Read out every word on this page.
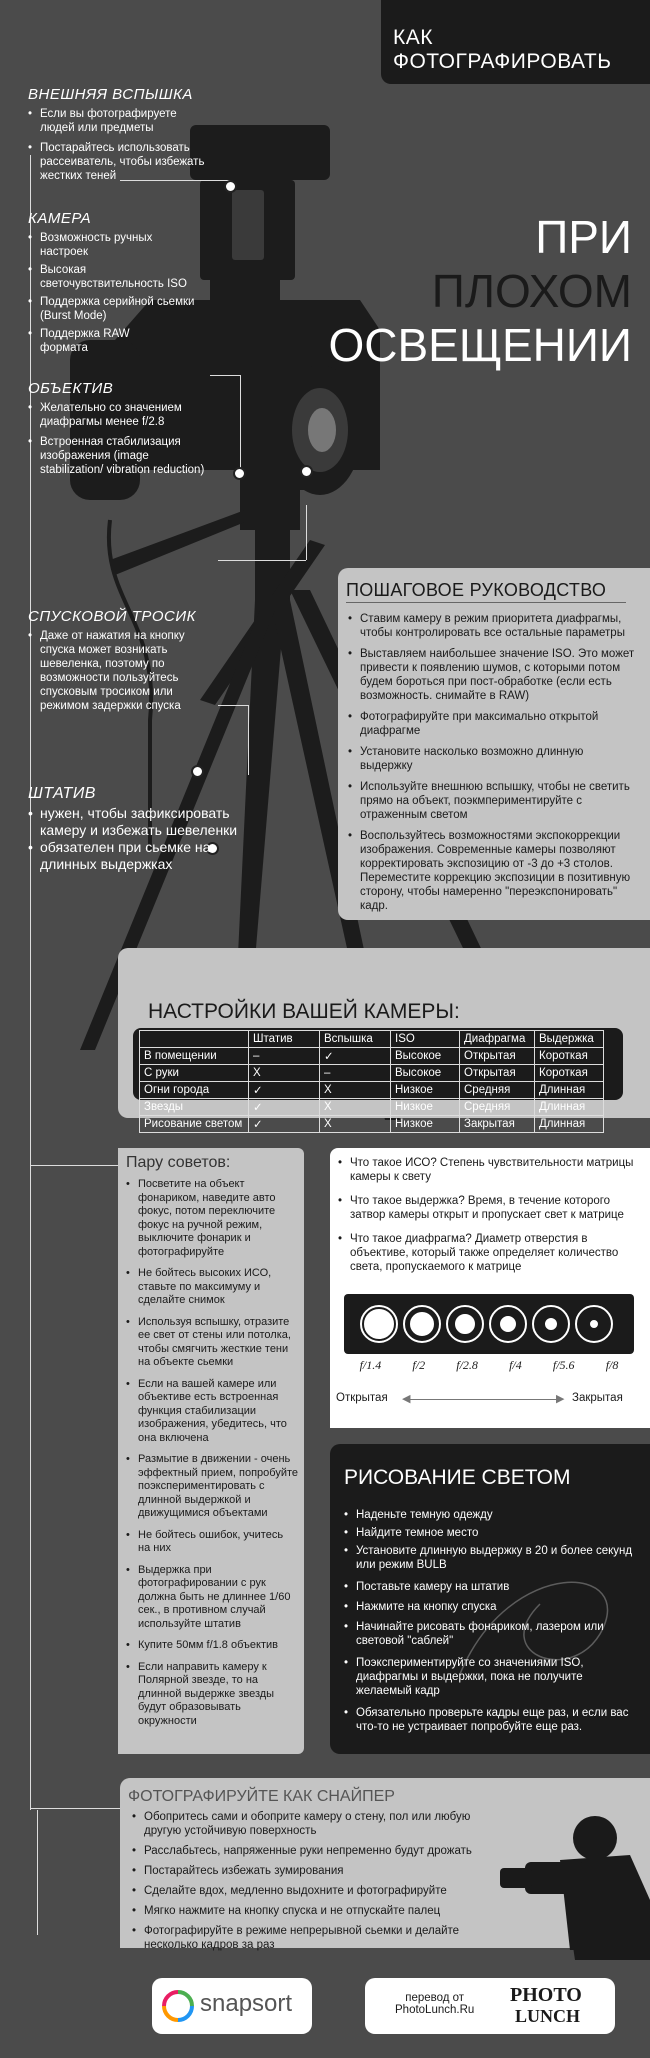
КАК
ФОТОГРАФИРОВАТЬ
ПРИ
ПЛОХОМ
ОСВЕЩЕНИИ
ВНЕШНЯЯ ВСПЫШКА
• Если вы фотографируете людей или предметы
• Постарайтесь использовать рассеиватель, чтобы избежать жестких теней
КАМЕРА
• Возможность ручных настроек
• Высокая светочувствительность ISO
• Поддержка серийной сьемки (Burst Mode)
• Поддержка RAW формата
ОБЪЕКТИВ
• Желательно со значением диафрагмы менее f/2.8
• Встроенная стабилизация изображения (image stabilization/ vibration reduction)
СПУСКОВОЙ ТРОСИК
• Даже от нажатия на кнопку спуска может возникать шевеленка, поэтому по возможности пользуйтесь спусковым тросиком или режимом задержки спуска
ШТАТИВ
• нужен, чтобы зафиксировать камеру и избежать шевеленки
• обязателен при сьемке на длинных выдержках
ПОШАГОВОЕ РУКОВОДСТВО
• Ставим камеру в режим приоритета диафрагмы, чтобы контролировать все остальные параметры
• Выставляем наибольшее значение ISO. Это может привести к появлению шумов, с которыми потом будем бороться при пост-обработке (если есть возможность. снимайте в RAW)
• Фотографируйте при максимально открытой диафрагме
• Установите насколько возможно длинную выдержку
• Используйте внешнюю вспышку, чтобы не светить прямо на объект, поэкмпериментируйте с отраженным светом
• Воспользуйтесь возможностями экспокоррекции изображения. Современные камеры позволяют корректировать экспозицию от -3 до +3 столов. Переместите коррекцию экспозиции в позитивную сторону, чтобы намеренно "переэкспонировать" кадр.
НАСТРОЙКИ ВАШЕЙ КАМЕРЫ:
	Штатив	Вспышка	ISO	Диафрагма	Выдержка
В помещении	–	✓	Высокое	Открытая	Короткая
С руки	X	–	Высокое	Открытая	Короткая
Огни города	✓	X	Низкое	Средняя	Длинная
Звезды	✓	X	Низкое	Средняя	Длинная
Рисование светом	✓	X	Низкое	Закрытая	Длинная
Пару советов:
• Посветите на объект фонариком, наведите авто фокус, потом переключите фокус на ручной режим, выключите фонарик и фотографируйте
• Не бойтесь высоких ИСО, ставьте по максимуму и сделайте снимок
• Используя вспышку, отразите ее свет от стены или потолка, чтобы смягчить жесткие тени на объекте сьемки
• Если на вашей камере или объективе есть встроенная функция стабилизации изображения, убедитесь, что она включена
• Размытие в движении - очень эффектный прием, попробуйте поэкспериментировать с длинной выдержкой и движущимися объектами
• Не бойтесь ошибок, учитесь на них
• Выдержка при фотографировании с рук должна быть не длиннее 1/60 сек., в противном случай используйте штатив
• Купите 50мм f/1.8 объектив
• Если направить камеру к Полярной звезде, то на длинной выдержке звезды будут образовывать окружности
• Что такое ИСО? Степень чувствительности матрицы камеры к свету
• Что такое выдержка? Время, в течение которого затвор камеры открыт и пропускает свет к матрице
• Что такое диафрагма? Диаметр отверстия в объективе, который также определяет количество света, пропускаемого к матрице
f/1.4	f/2	f/2.8	f/4	f/5.6	f/8
Открытая ◀	▶ Закрытая
РИСОВАНИЕ СВЕТОМ
• Наденьте темную одежду
• Найдите темное место
• Установите длинную выдержку в 20 и более секунд или режим BULB
• Поставьте камеру на штатив
• Нажмите на кнопку спуска
• Начинайте рисовать фонариком, лазером или световой "саблей"
• Поэкспериментируйте со значениями ISO, диафрагмы и выдержки, пока не получите желаемый кадр
• Обязательно проверьте кадры еще раз, и если вас что-то не устраивает попробуйте еще раз.
ФОТОГРАФИРУЙТЕ КАК СНАЙПЕР
• Обопритесь сами и обоприте камеру о стену, пол или любую другую устойчивую поверхность
• Расслабьтесь, напряженные руки непременно будут дрожать
• Постарайтесь избежать зумирования
• Сделайте вдох, медленно выдохните и фотографируйте
• Мягко нажмите на кнопку спуска и не отпускайте палец
• Фотографируйте в режиме непрерывной сьемки и делайте несколько кадров за раз
snapsort	перевод от
PhotoLunch.Ru
PHOTO
LUNCH
